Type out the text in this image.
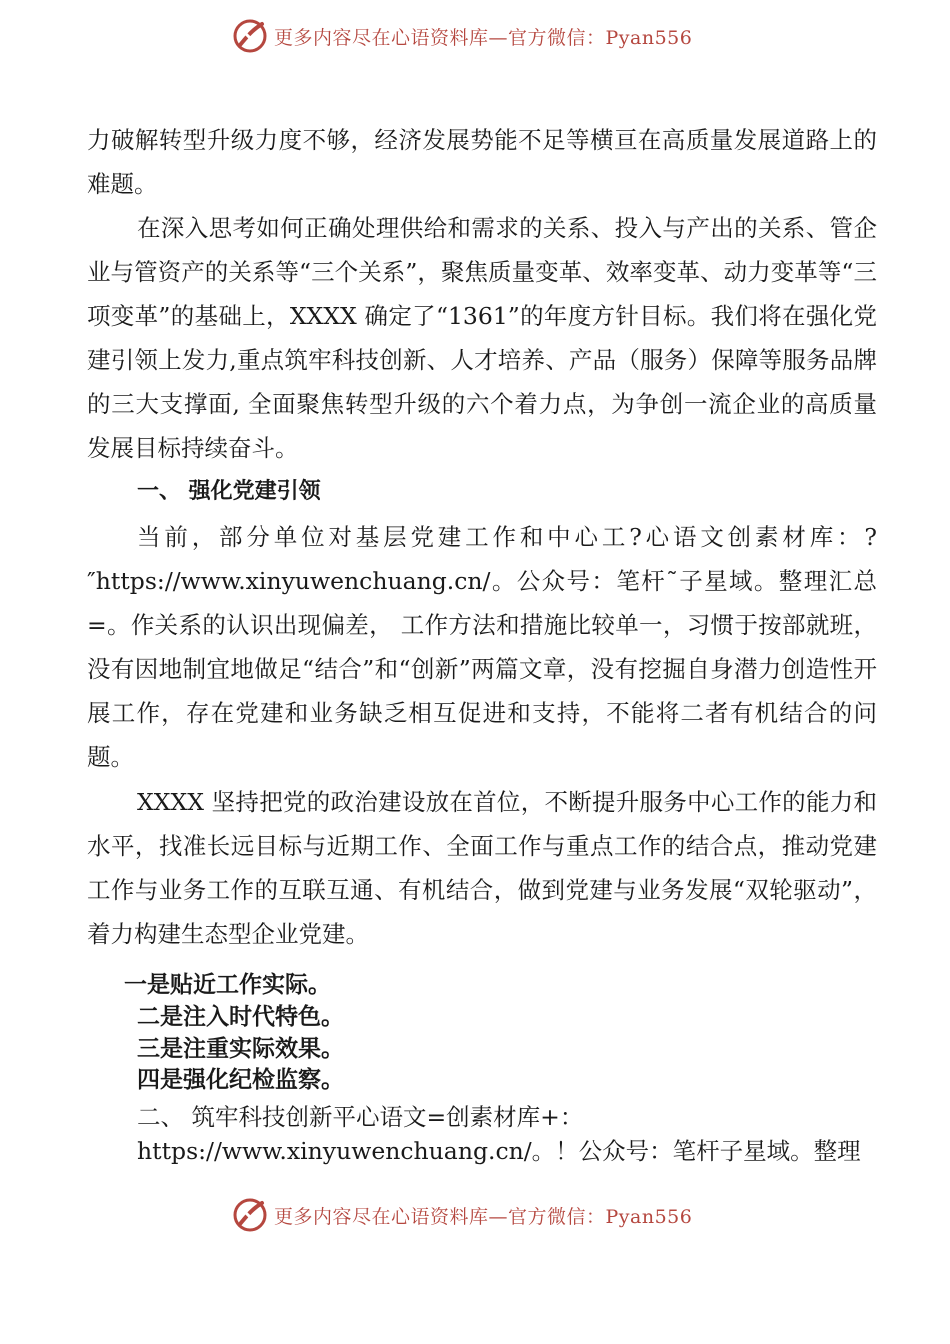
更多内容尽在心语资料库—官方微信：Pyan556

力破解转型升级力度不够，经济发展势能不足等横亘在高质量发展道路上的难题。

在深入思考如何正确处理供给和需求的关系、投入与产出的关系、管企业与管资产的关系等“三个关系”，聚焦质量变革、效率变革、动力变革等“三项变革”的基础上，XXXX 确定了“1361”的年度方针目标。我们将在强化党建引领上发力,重点筑牢科技创新、人才培养、产品（服务）保障等服务品牌的三大支撑面, 全面聚焦转型升级的六个着力点，为争创一流企业的高质量发展目标持续奋斗。

一、 强化党建引领

当前，部分单位对基层党建工作和中心工?心语文创素材库：?″https://www.xinyuwenchuang.cn/。公众号：笔杆˜子星域。整理汇总=。作关系的认识出现偏差， 工作方法和措施比较单一，习惯于按部就班，没有因地制宜地做足“结合”和“创新”两篇文章，没有挖掘自身潜力创造性开展工作，存在党建和业务缺乏相互促进和支持，不能将二者有机结合的问题。

XXXX 坚持把党的政治建设放在首位，不断提升服务中心工作的能力和水平，找准长远目标与近期工作、全面工作与重点工作的结合点，推动党建工作与业务工作的互联互通、有机结合，做到党建与业务发展“双轮驱动”，着力构建生态型企业党建。

一是贴近工作实际。

二是注入时代特色。

三是注重实际效果。

四是强化纪检监察。

二、 筑牢科技创新平心语文=创素材库+：https://www.xinyuwenchuang.cn/。！公众号：笔杆子星域。整理

更多内容尽在心语资料库—官方微信：Pyan556
